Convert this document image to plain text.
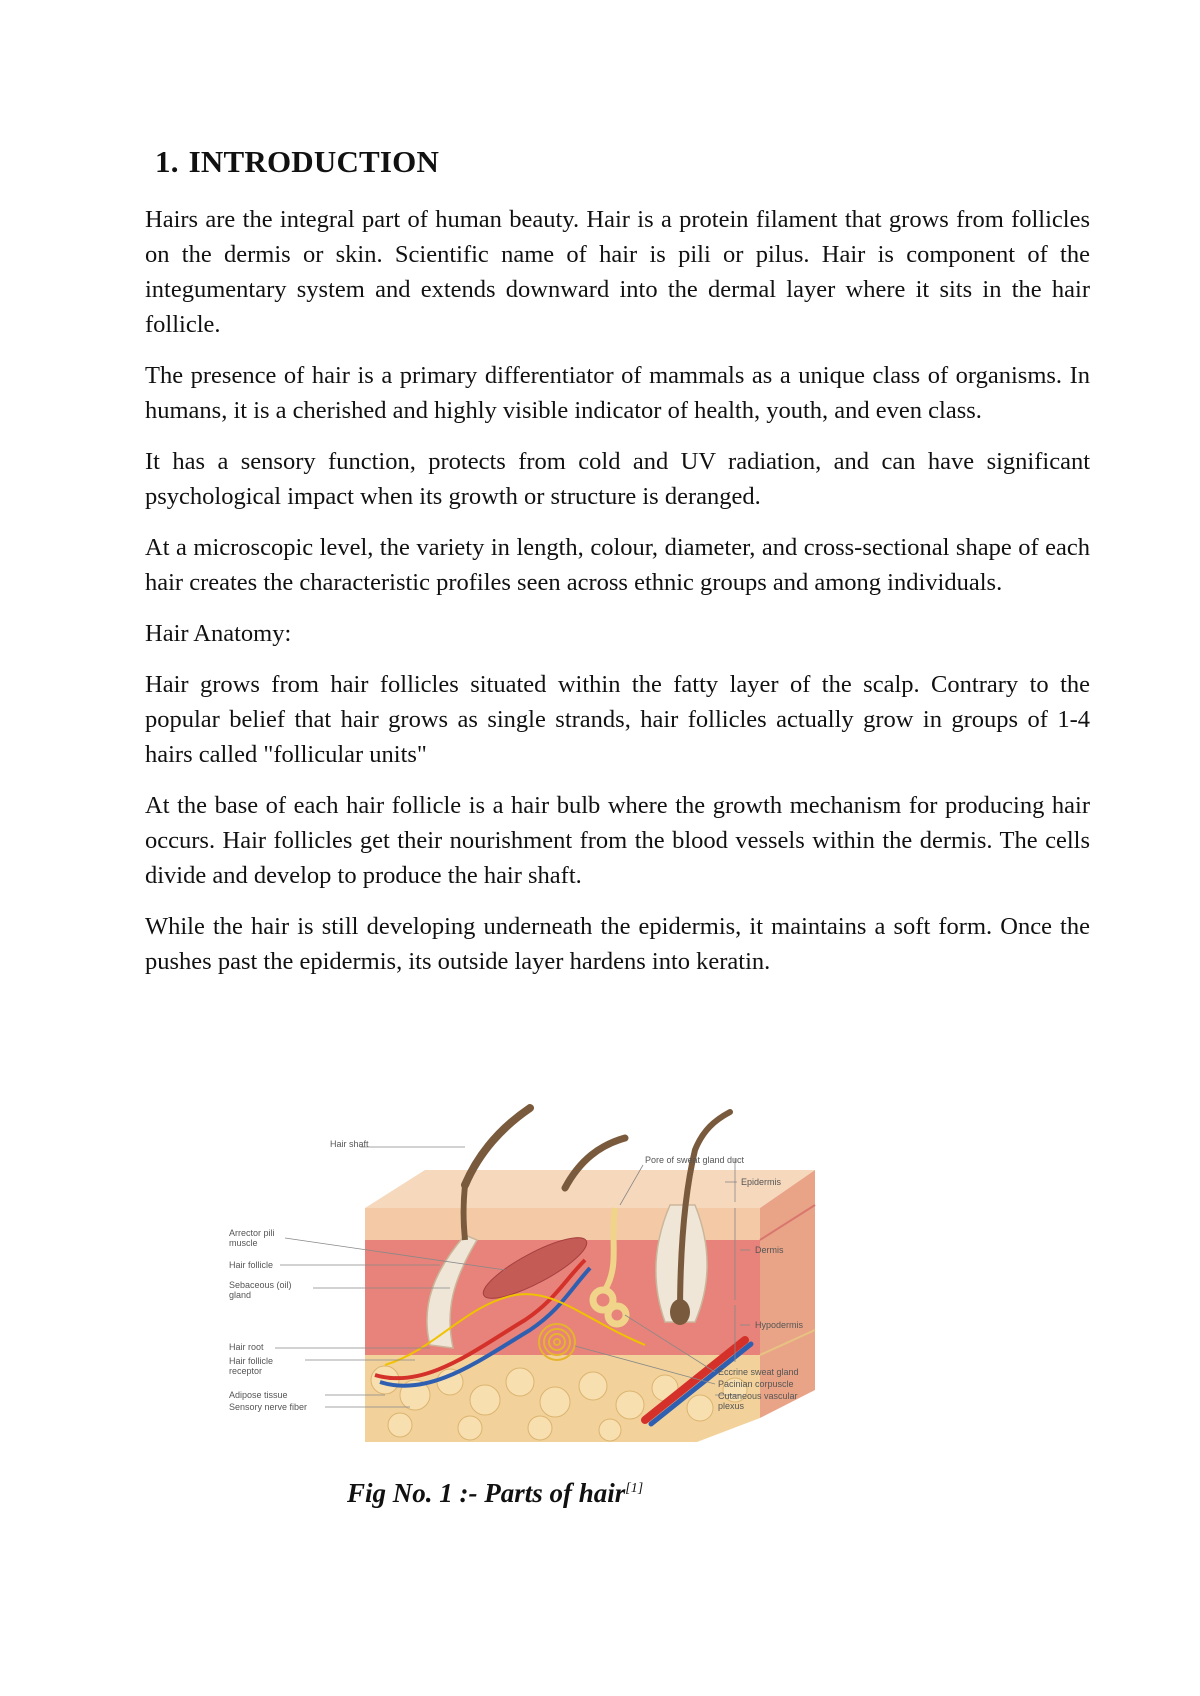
1. INTRODUCTION

Hairs are the integral part of human beauty. Hair is a protein filament that grows from follicles on the dermis or skin. Scientific name of hair is pili or pilus. Hair is component of the integumentary system and extends downward into the dermal layer where it sits in the hair follicle.

The presence of hair is a primary differentiator of mammals as a unique class of organisms. In humans, it is a cherished and highly visible indicator of health, youth, and even class.

It has a sensory function, protects from cold and UV radiation, and can have significant psychological impact when its growth or structure is deranged.

At a microscopic level, the variety in length, colour, diameter, and cross-sectional shape of each hair creates the characteristic profiles seen across ethnic groups and among individuals.

Hair Anatomy:

Hair grows from hair follicles situated within the fatty layer of the scalp. Contrary to the popular belief that hair grows as single strands, hair follicles actually grow in groups of 1-4 hairs called "follicular units"

At the base of each hair follicle is a hair bulb where the growth mechanism for producing hair occurs. Hair follicles get their nourishment from the blood vessels within the dermis. The cells divide and develop to produce the hair shaft.

While the hair is still developing underneath the epidermis, it maintains a soft form. Once the pushes past the epidermis, its outside layer hardens into keratin.

Hair shaft
Arrector pili
muscle
Hair follicle
Sebaceous (oil)
gland
Hair root
Hair follicle
receptor
Adipose tissue
Sensory nerve fiber
Pore of sweat gland duct
Epidermis
Dermis
Hypodermis
Eccrine sweat gland
Pacinian corpuscle
Cutaneous vascular
plexus

Fig No. 1 :- Parts of hair[1]
